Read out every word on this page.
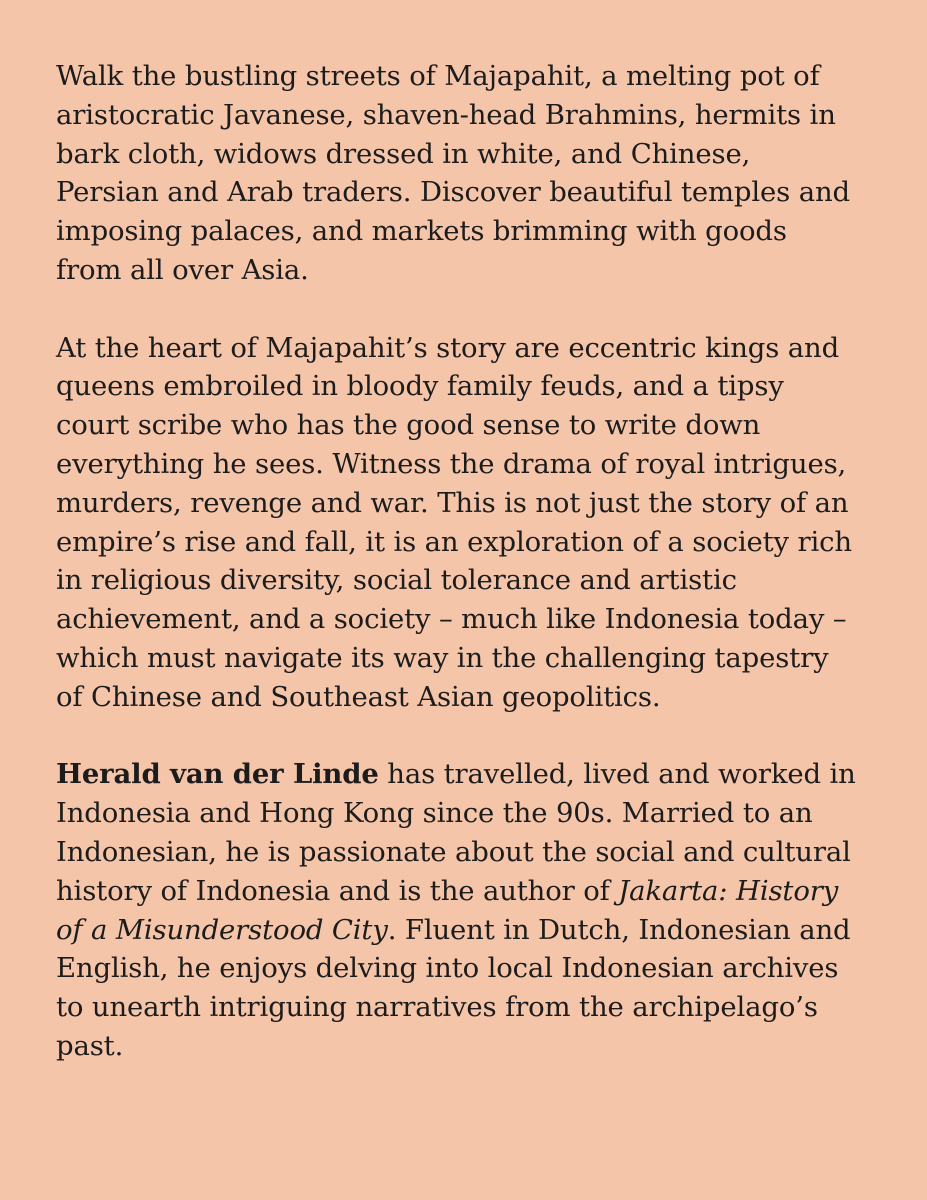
Walk the bustling streets of Majapahit, a melting pot of
aristocratic Javanese, shaven-head Brahmins, hermits in
bark cloth, widows dressed in white, and Chinese,
Persian and Arab traders. Discover beautiful temples and
imposing palaces, and markets brimming with goods
from all over Asia.

At the heart of Majapahit’s story are eccentric kings and
queens embroiled in bloody family feuds, and a tipsy
court scribe who has the good sense to write down
everything he sees. Witness the drama of royal intrigues,
murders, revenge and war. This is not just the story of an
empire’s rise and fall, it is an exploration of a society rich
in religious diversity, social tolerance and artistic
achievement, and a society – much like Indonesia today –
which must navigate its way in the challenging tapestry
of Chinese and Southeast Asian geopolitics.

Herald van der Linde has travelled, lived and worked in
Indonesia and Hong Kong since the 90s. Married to an
Indonesian, he is passionate about the social and cultural
history of Indonesia and is the author of Jakarta: History
of a Misunderstood City. Fluent in Dutch, Indonesian and
English, he enjoys delving into local Indonesian archives
to unearth intriguing narratives from the archipelago’s
past.
